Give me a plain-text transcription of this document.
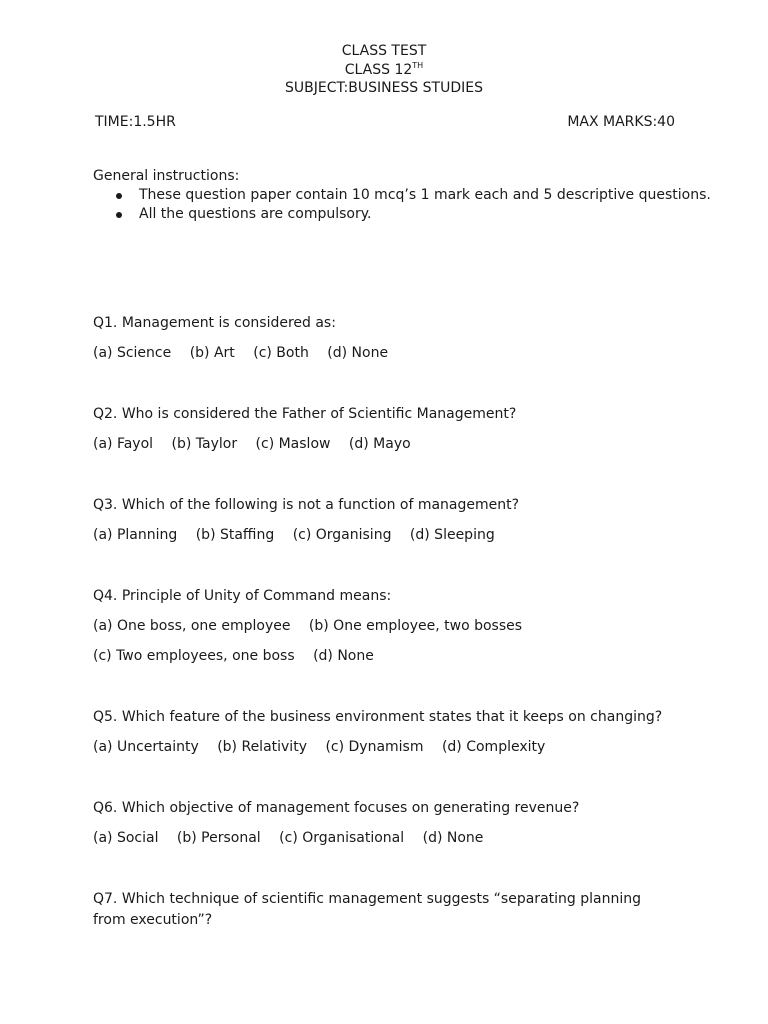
CLASS TEST
CLASS 12TH
SUBJECT:BUSINESS STUDIES
TIME:1.5HR	MAX MARKS:40
General instructions:
These question paper contain 10 mcq’s 1 mark each and 5 descriptive questions.
All the questions are compulsory.
Q1. Management is considered as:
(a) Science (b) Art (c) Both (d) None
Q2. Who is considered the Father of Scientific Management?
(a) Fayol (b) Taylor (c) Maslow (d) Mayo
Q3. Which of the following is not a function of management?
(a) Planning (b) Staffing (c) Organising (d) Sleeping
Q4. Principle of Unity of Command means:
(a) One boss, one employee (b) One employee, two bosses
(c) Two employees, one boss (d) None
Q5. Which feature of the business environment states that it keeps on changing?
(a) Uncertainty (b) Relativity (c) Dynamism (d) Complexity
Q6. Which objective of management focuses on generating revenue?
(a) Social (b) Personal (c) Organisational (d) None
Q7. Which technique of scientific management suggests “separating planning from execution”?
